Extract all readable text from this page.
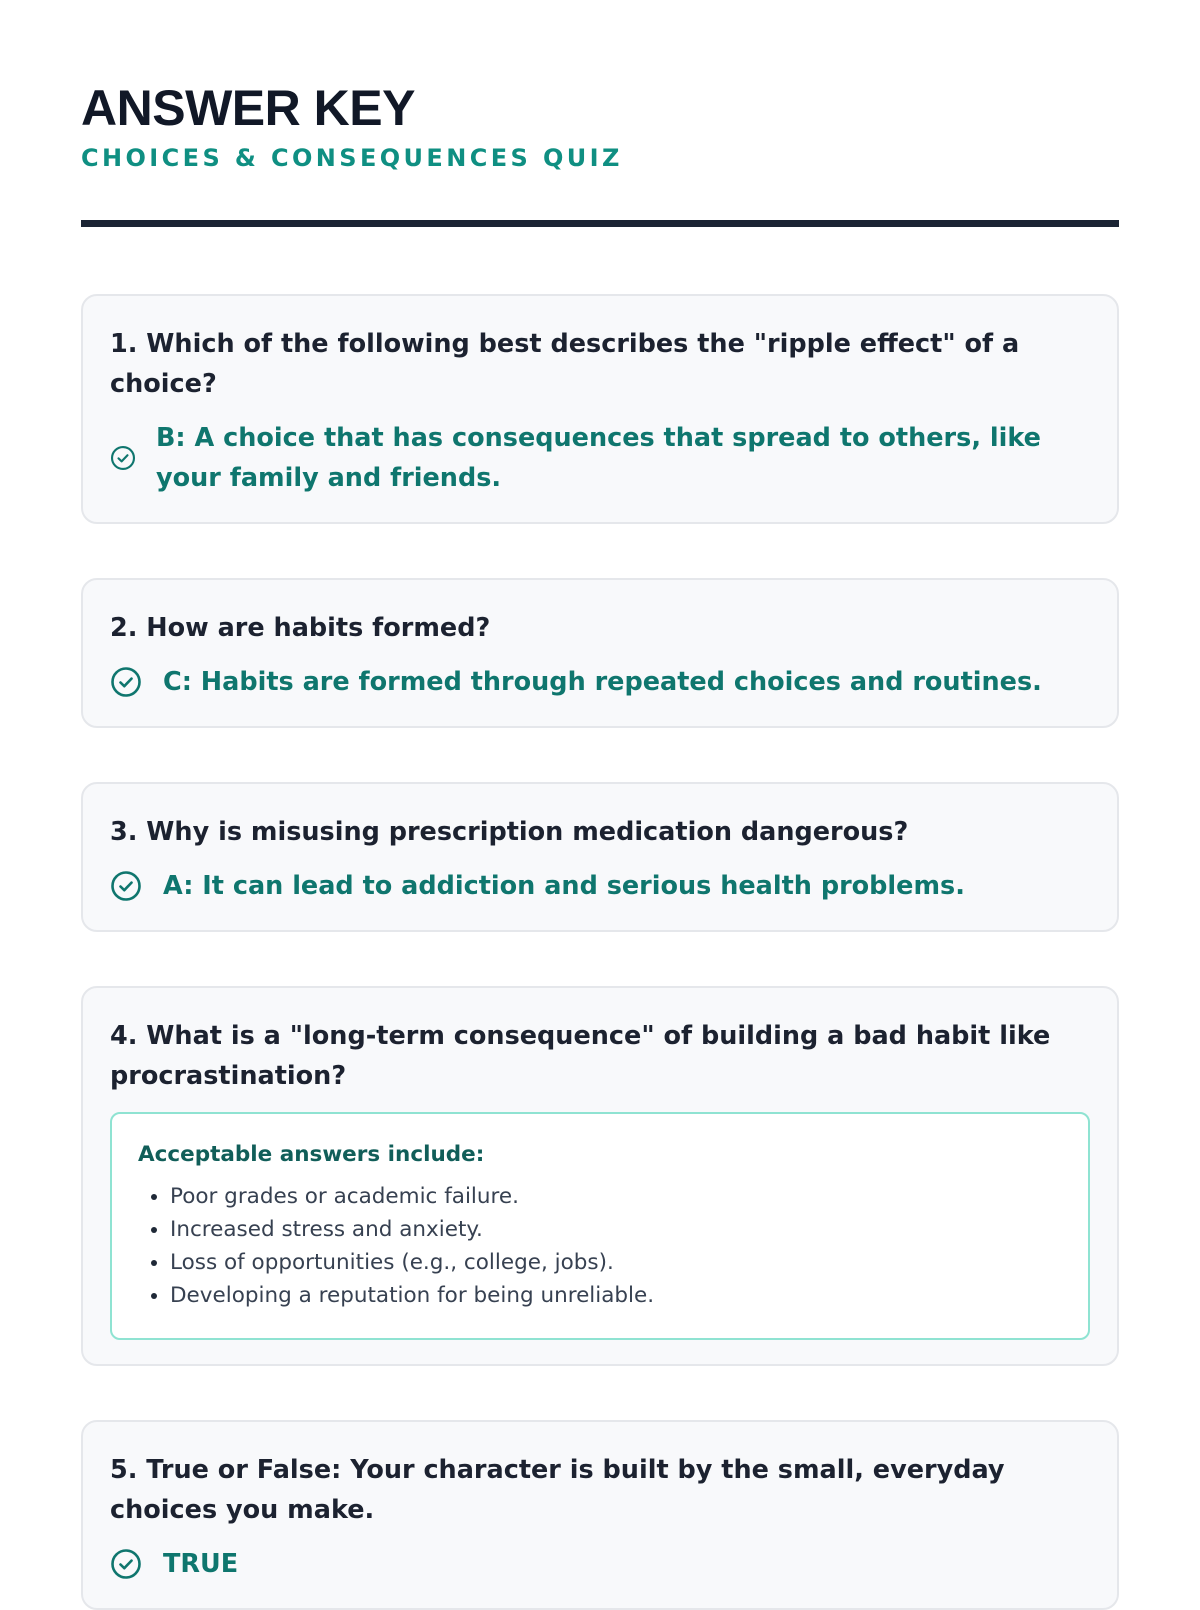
ANSWER KEY
CHOICES & CONSEQUENCES QUIZ

1. Which of the following best describes the "ripple effect" of a choice?

B: A choice that has consequences that spread to others, like your family and friends.

2. How are habits formed?

C: Habits are formed through repeated choices and routines.

3. Why is misusing prescription medication dangerous?

A: It can lead to addiction and serious health problems.

4. What is a "long-term consequence" of building a bad habit like procrastination?

Acceptable answers include:

• Poor grades or academic failure.
• Increased stress and anxiety.
• Loss of opportunities (e.g., college, jobs).
• Developing a reputation for being unreliable.

5. True or False: Your character is built by the small, everyday choices you make.

TRUE
